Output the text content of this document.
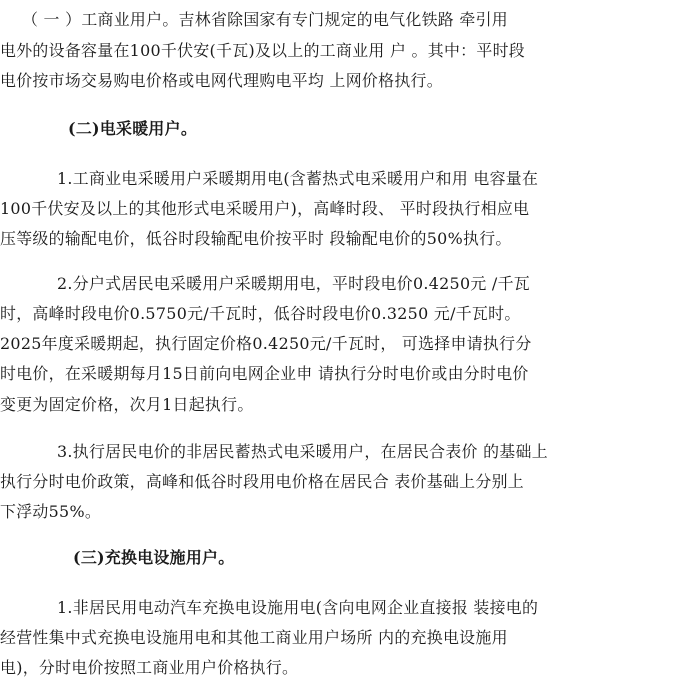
（ 一 ）工商业用户。吉林省除国家有专门规定的电气化铁路 牵引用
电外的设备容量在100千伏安(千瓦)及以上的工商业用 户 。其中：平时段
电价按市场交易购电价格或电网代理购电平均 上网价格执行。
(二)电采暖用户。
1.工商业电采暖用户采暖期用电(含蓄热式电采暖用户和用 电容量在
100千伏安及以上的其他形式电采暖用户)，高峰时段、 平时段执行相应电
压等级的输配电价，低谷时段输配电价按平时 段输配电价的50%执行。
2.分户式居民电采暖用户采暖期用电，平时段电价0.4250元 /千瓦
时，高峰时段电价0.5750元/千瓦时，低谷时段电价0.3250 元/千瓦时。
2025年度采暖期起，执行固定价格0.4250元/千瓦时， 可选择申请执行分
时电价，在采暖期每月15日前向电网企业申 请执行分时电价或由分时电价
变更为固定价格，次月1日起执行。
3.执行居民电价的非居民蓄热式电采暖用户，在居民合表价 的基础上
执行分时电价政策，高峰和低谷时段用电价格在居民合 表价基础上分别上
下浮动55%。
(三)充换电设施用户。
1.非居民用电动汽车充换电设施用电(含向电网企业直接报 装接电的
经营性集中式充换电设施用电和其他工商业用户场所 内的充换电设施用
电)，分时电价按照工商业用户价格执行。
